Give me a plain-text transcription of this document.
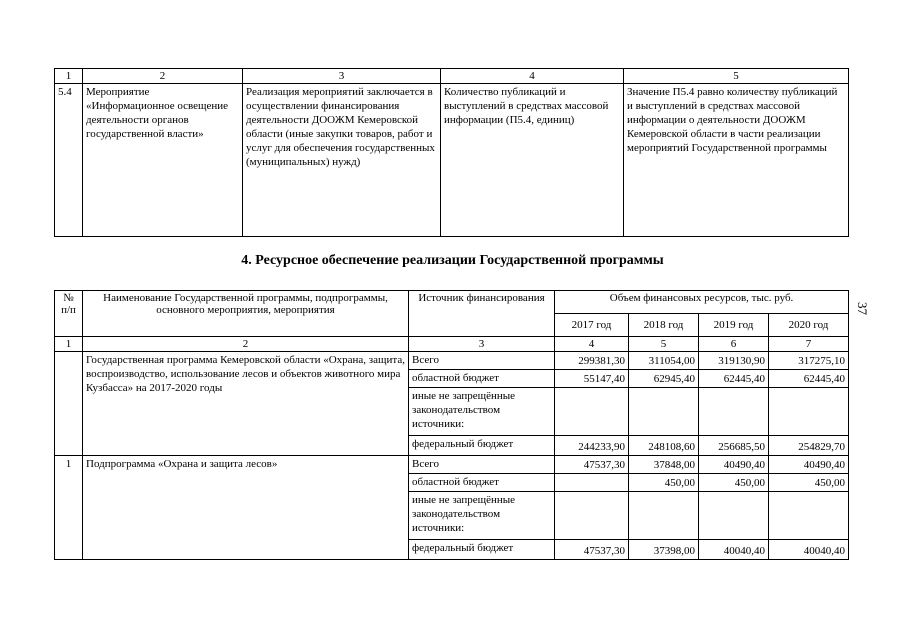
1	2	3	4	5
5.4	Мероприятие «Информационное освещение деятельности органов государственной власти»	Реализация мероприятий заключается в осуществлении финансирования деятельности ДООЖМ Кемеровской области (иные закупки товаров, работ и услуг для обеспечения государственных (муниципальных) нужд)	Количество публикаций и выступлений в средствах массовой информации (П5.4, единиц)	Значение П5.4 равно количеству публикаций и выступлений в средствах массовой информации о деятельности ДООЖМ Кемеровской области в части реализации мероприятий Государственной программы
4. Ресурсное обеспечение реализации Государственной программы
37
№ п/п	Наименование Государственной программы, подпрограммы, основного мероприятия, мероприятия	Источник финансирования	Объем финансовых ресурсов, тыс. руб.			
			2017 год	2018 год	2019 год	2020 год
1	2	3	4	5	6	7
	Государственная программа Кемеровской области «Охрана, защита, воспроизводство, использование лесов и объектов животного мира Кузбасса» на 2017-2020 годы	Всего	299381,30	311054,00	319130,90	317275,10
		областной бюджет	55147,40	62945,40	62445,40	62445,40
		иные не запрещённые законодательством источники:				
		федеральный бюджет	244233,90	248108,60	256685,50	254829,70
1	Подпрограмма «Охрана и защита лесов»	Всего	47537,30	37848,00	40490,40	40490,40
		областной бюджет		450,00	450,00	450,00
		иные не запрещённые законодательством источники:				
		федеральный бюджет	47537,30	37398,00	40040,40	40040,40
